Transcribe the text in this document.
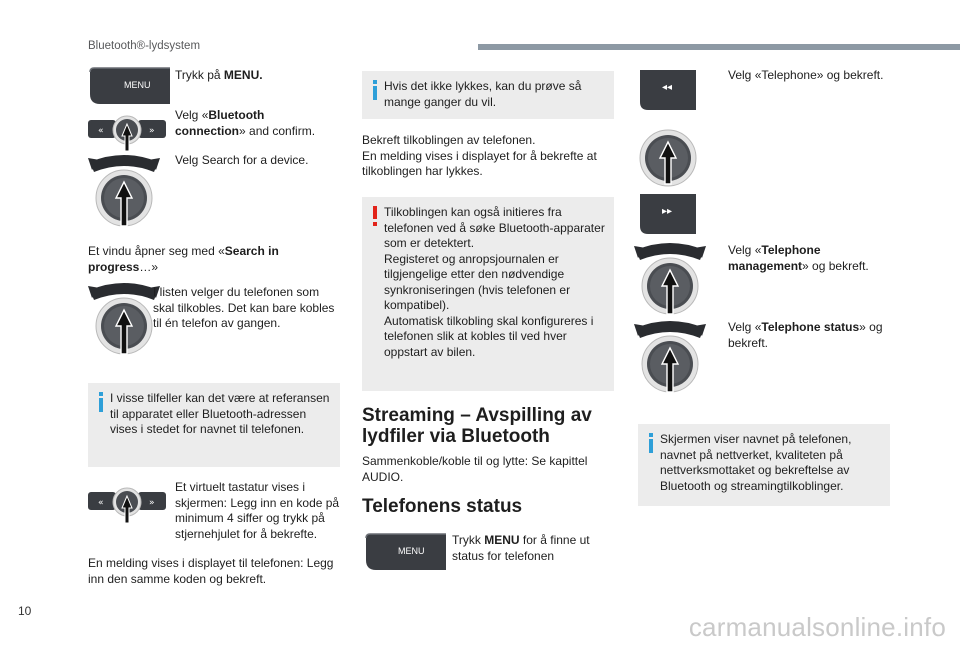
Bluetooth®-lydsystem
MENU
Trykk på MENU.
Velg «Bluetooth connection» and confirm.
Velg Search for a device.
Et vindu åpner seg med «Search in progress…»
I listen velger du telefonen som skal tilkobles. Det kan bare kobles til én telefon av gangen.
I visse tilfeller kan det være at referansen til apparatet eller Bluetooth-adressen vises i stedet for navnet til telefonen.
Et virtuelt tastatur vises i skjermen: Legg inn en kode på minimum 4 siffer og trykk på stjernehjulet for å bekrefte.
En melding vises i displayet til telefonen: Legg inn den samme koden og bekreft.
Hvis det ikke lykkes, kan du prøve så mange ganger du vil.
Bekreft tilkoblingen av telefonen.
En melding vises i displayet for å bekrefte at tilkoblingen har lykkes.
Tilkoblingen kan også initieres fra telefonen ved å søke Bluetooth-apparater som er detektert.
Registeret og anropsjournalen er tilgjengelige etter den nødvendige synkroniseringen (hvis telefonen er kompatibel).
Automatisk tilkobling skal konfigureres i telefonen slik at kobles til ved hver oppstart av bilen.
Streaming – Avspilling av lydfiler via Bluetooth
Sammenkoble/koble til og lytte: Se kapittel AUDIO.
Telefonens status
MENU
Trykk MENU for å finne ut status for telefonen
◂◂
Velg «Telephone» og bekreft.
▸▸
Velg «Telephone management» og bekreft.
Velg «Telephone status» og bekreft.
Skjermen viser navnet på telefonen, navnet på nettverket, kvaliteten på nettverksmottaket og bekreftelse av Bluetooth og streamingtilkoblinger.
10
carmanualsonline.info
